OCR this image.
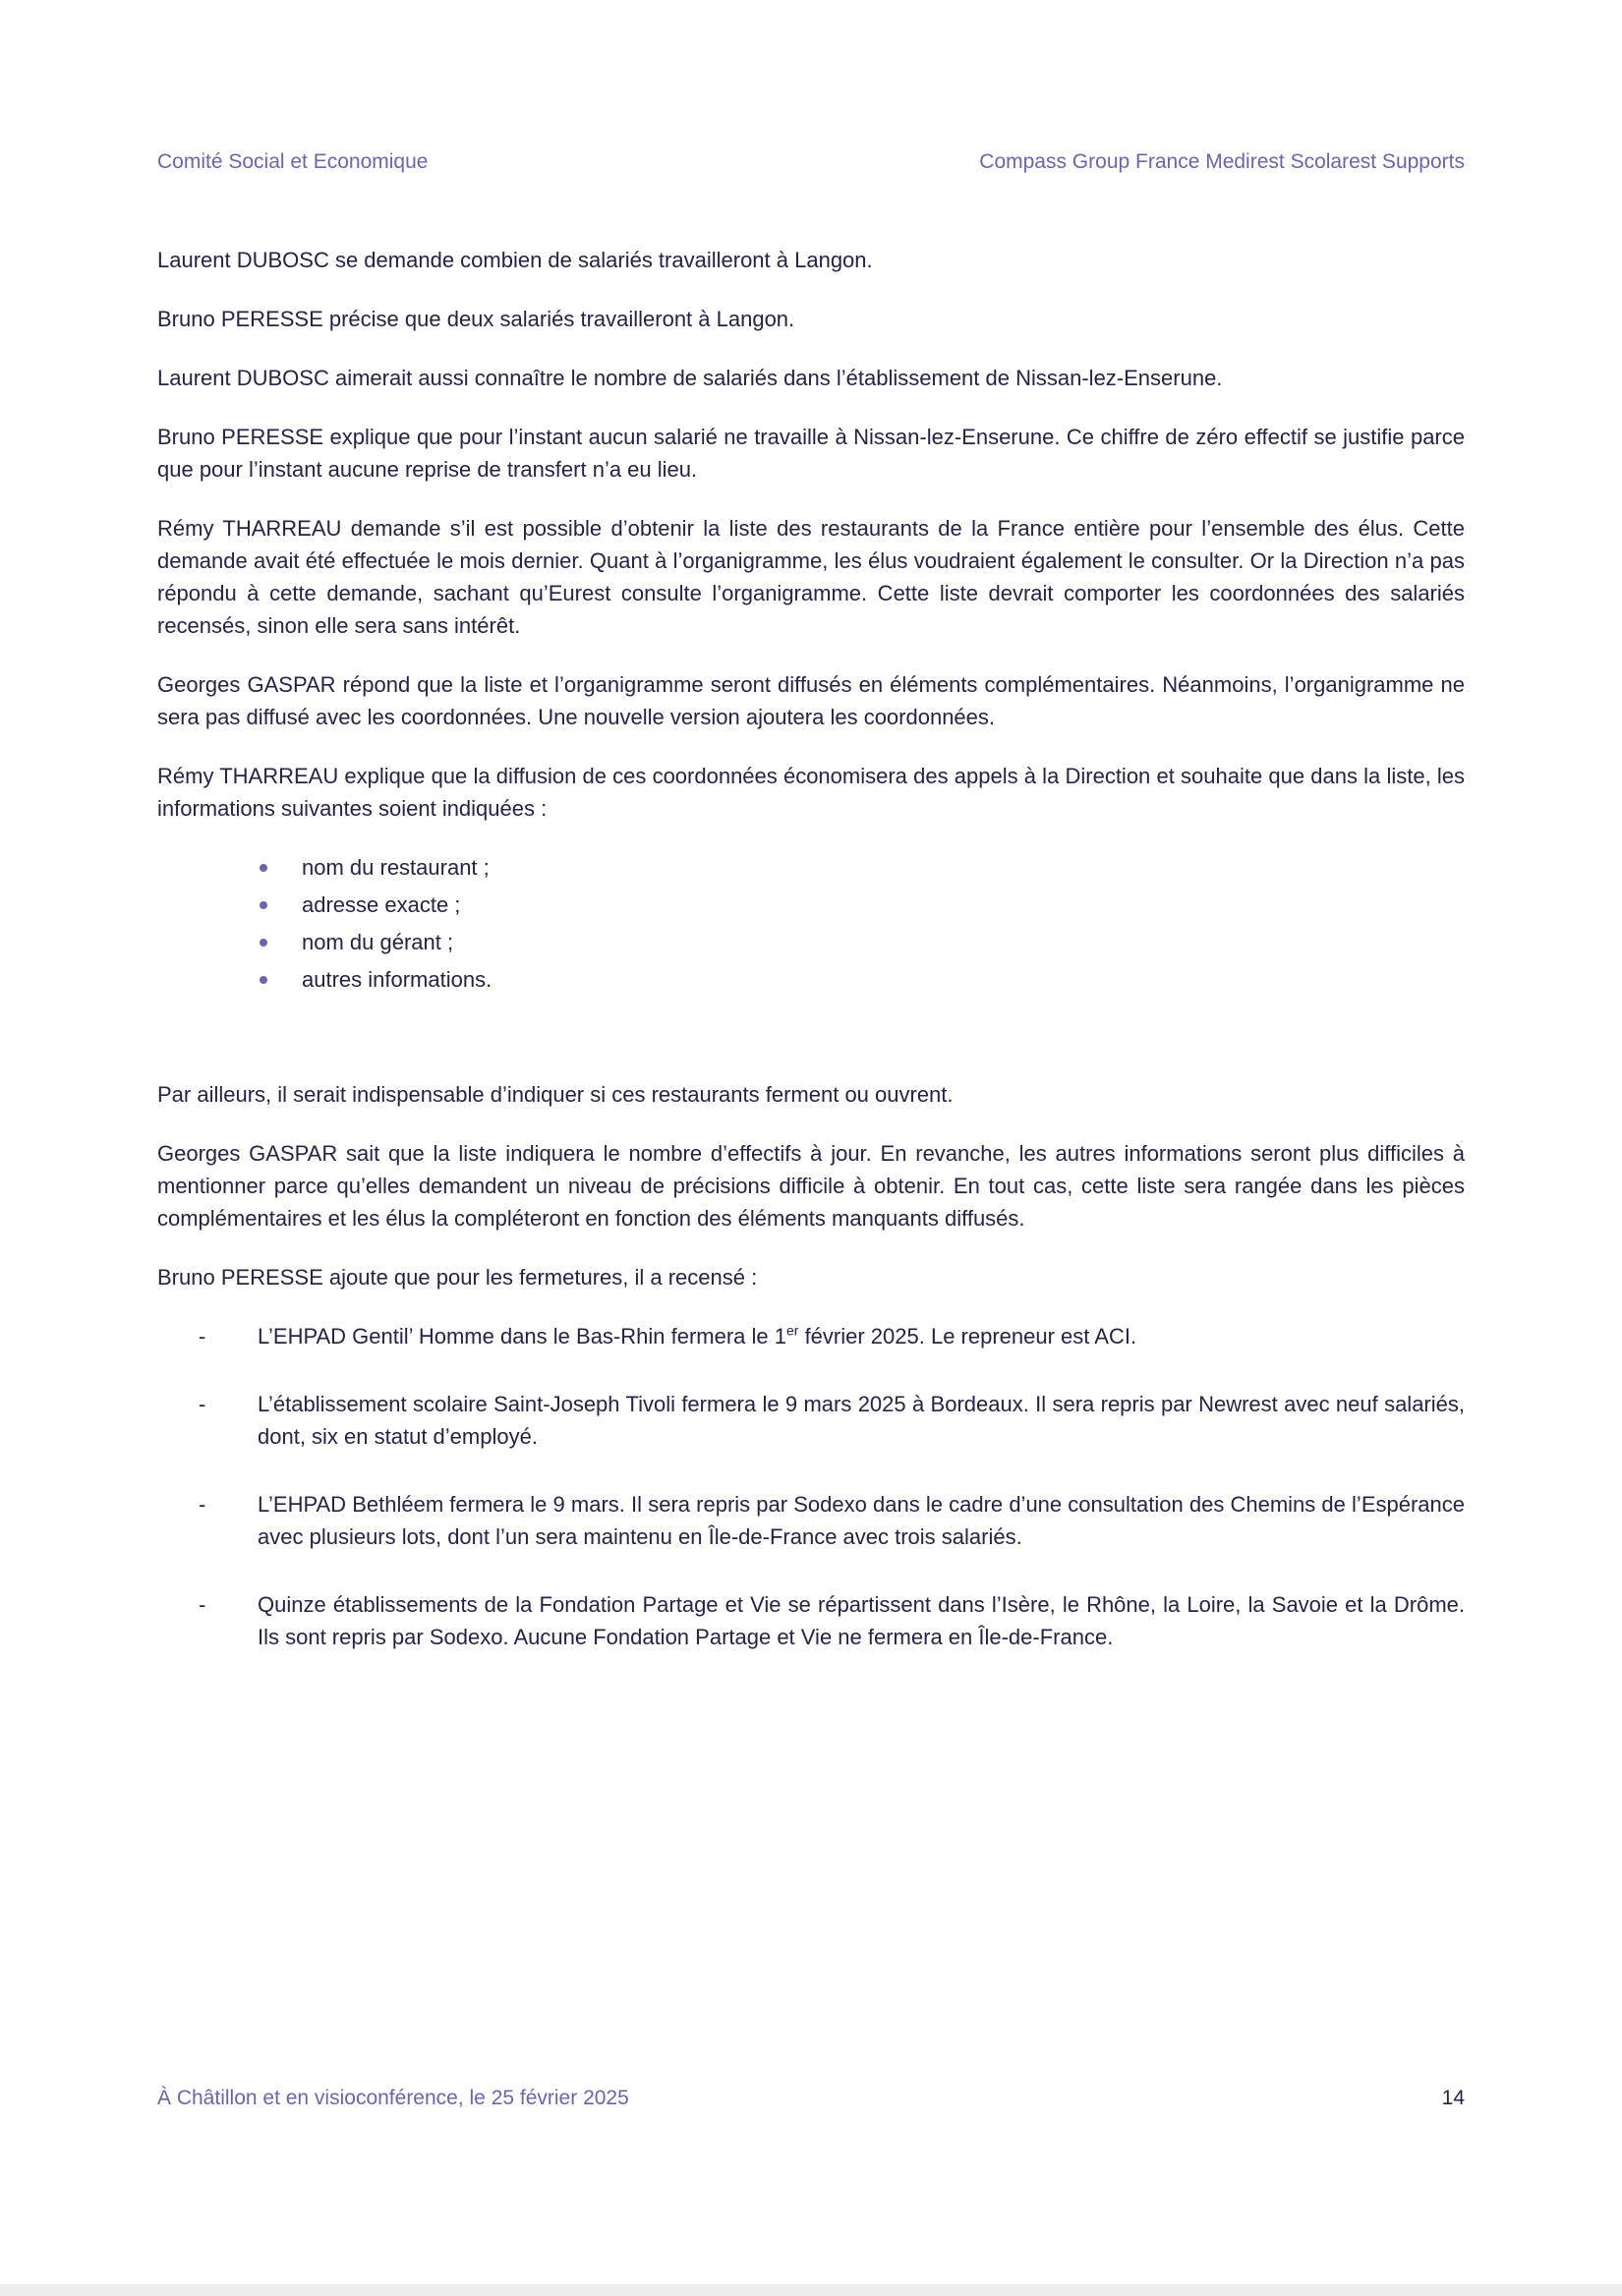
Comité Social et Economique	Compass Group France Medirest Scolarest Supports

Laurent DUBOSC se demande combien de salariés travailleront à Langon.

Bruno PERESSE précise que deux salariés travailleront à Langon.

Laurent DUBOSC aimerait aussi connaître le nombre de salariés dans l’établissement de Nissan-lez-Enserune.

Bruno PERESSE explique que pour l’instant aucun salarié ne travaille à Nissan-lez-Enserune. Ce chiffre de zéro effectif se justifie parce que pour l’instant aucune reprise de transfert n’a eu lieu.

Rémy THARREAU demande s’il est possible d’obtenir la liste des restaurants de la France entière pour l’ensemble des élus. Cette demande avait été effectuée le mois dernier. Quant à l’organigramme, les élus voudraient également le consulter. Or la Direction n’a pas répondu à cette demande, sachant qu’Eurest consulte l’organigramme. Cette liste devrait comporter les coordonnées des salariés recensés, sinon elle sera sans intérêt.

Georges GASPAR répond que la liste et l’organigramme seront diffusés en éléments complémentaires. Néanmoins, l’organigramme ne sera pas diffusé avec les coordonnées. Une nouvelle version ajoutera les coordonnées.

Rémy THARREAU explique que la diffusion de ces coordonnées économisera des appels à la Direction et souhaite que dans la liste, les informations suivantes soient indiquées :

nom du restaurant ;
adresse exacte ;
nom du gérant ;
autres informations.

Par ailleurs, il serait indispensable d’indiquer si ces restaurants ferment ou ouvrent.

Georges GASPAR sait que la liste indiquera le nombre d’effectifs à jour. En revanche, les autres informations seront plus difficiles à mentionner parce qu’elles demandent un niveau de précisions difficile à obtenir. En tout cas, cette liste sera rangée dans les pièces complémentaires et les élus la compléteront en fonction des éléments manquants diffusés.

Bruno PERESSE ajoute que pour les fermetures, il a recensé :

- L’EHPAD Gentil’ Homme dans le Bas-Rhin fermera le 1er février 2025. Le repreneur est ACI.
- L’établissement scolaire Saint-Joseph Tivoli fermera le 9 mars 2025 à Bordeaux. Il sera repris par Newrest avec neuf salariés, dont, six en statut d’employé.
- L’EHPAD Bethléem fermera le 9 mars. Il sera repris par Sodexo dans le cadre d’une consultation des Chemins de l’Espérance avec plusieurs lots, dont l’un sera maintenu en Île-de-France avec trois salariés.
- Quinze établissements de la Fondation Partage et Vie se répartissent dans l’Isère, le Rhône, la Loire, la Savoie et la Drôme. Ils sont repris par Sodexo. Aucune Fondation Partage et Vie ne fermera en Île-de-France.
À Châtillon et en visioconférence, le 25 février 2025	14
